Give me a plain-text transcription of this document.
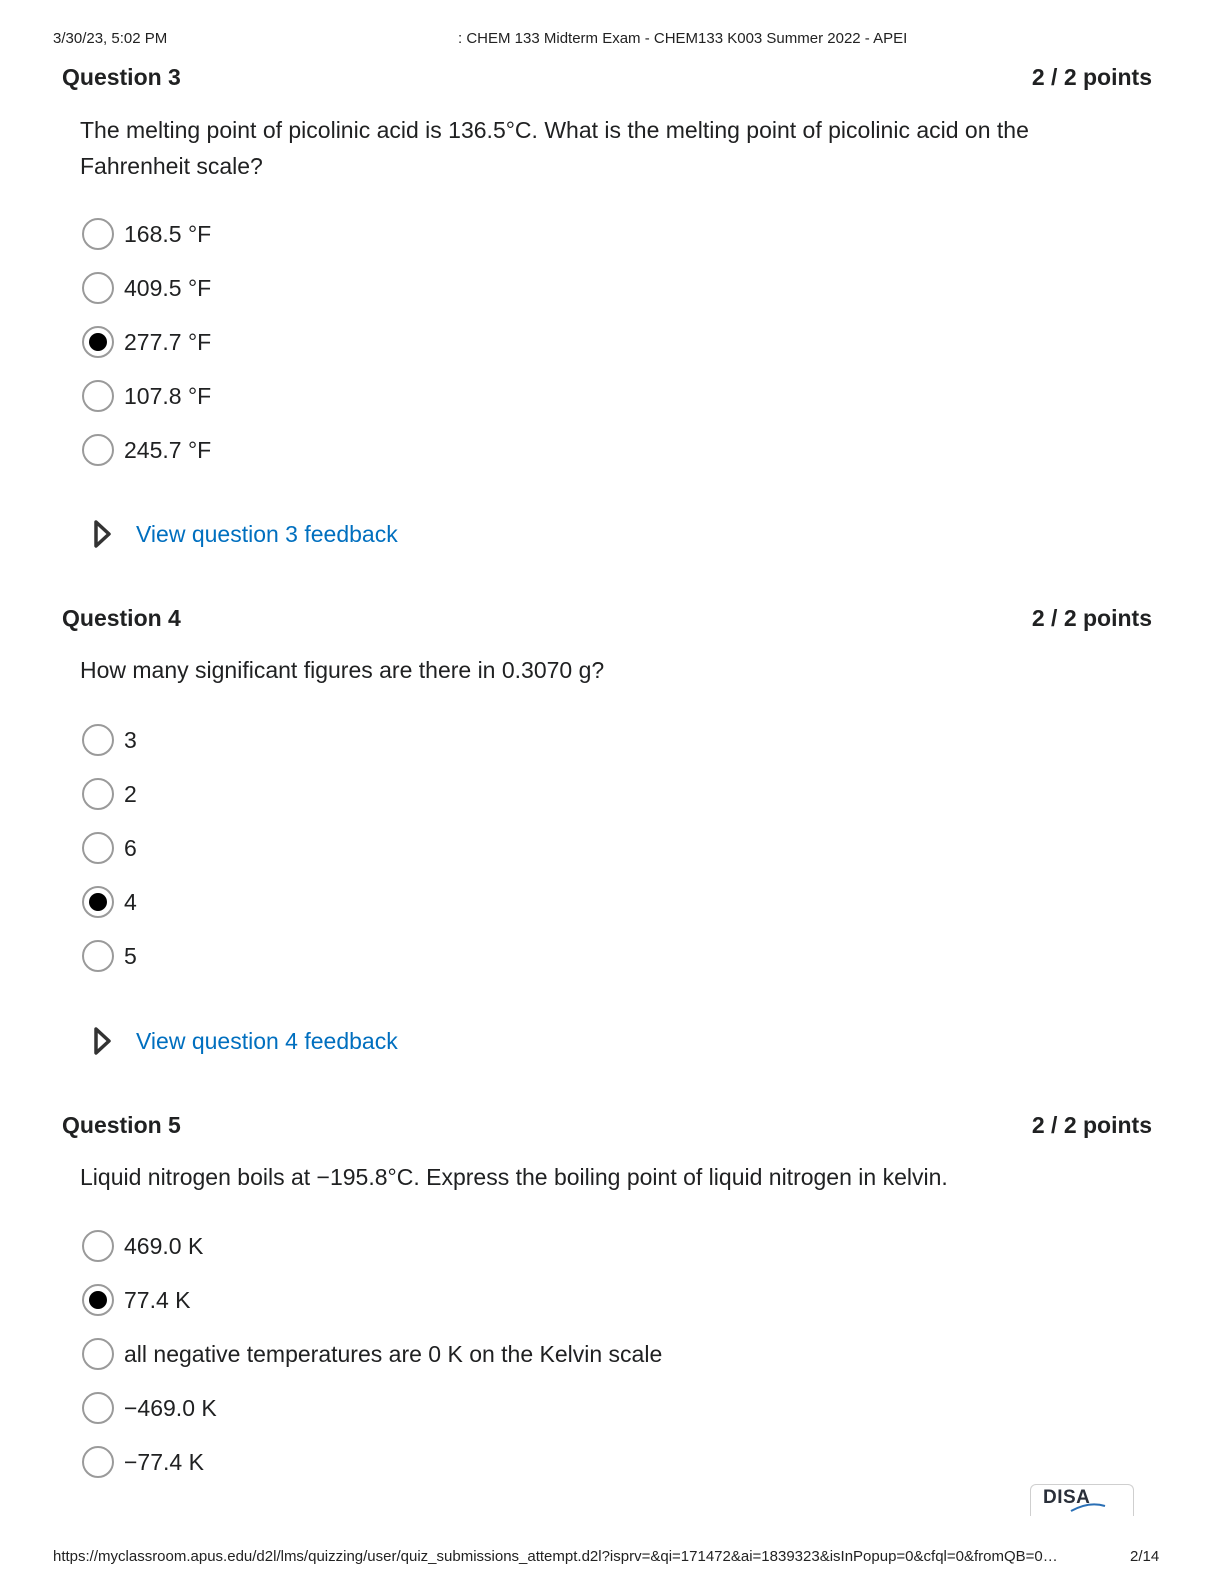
3/30/23, 5:02 PM	: CHEM 133 Midterm Exam - CHEM133 K003 Summer 2022 - APEI
Question 3	2 / 2 points
The melting point of picolinic acid is 136.5°C. What is the melting point of picolinic acid on the Fahrenheit scale?
168.5 °F
409.5 °F
277.7 °F
107.8 °F
245.7 °F
View question 3 feedback
Question 4	2 / 2 points
How many significant figures are there in 0.3070 g?
3
2
6
4
5
View question 4 feedback
Question 5	2 / 2 points
Liquid nitrogen boils at −195.8°C. Express the boiling point of liquid nitrogen in kelvin.
469.0 K
77.4 K
all negative temperatures are 0 K on the Kelvin scale
−469.0 K
−77.4 K
DISA
https://myclassroom.apus.edu/d2l/lms/quizzing/user/quiz_submissions_attempt.d2l?isprv=&qi=171472&ai=1839323&isInPopup=0&cfql=0&fromQB=0…	2/14
